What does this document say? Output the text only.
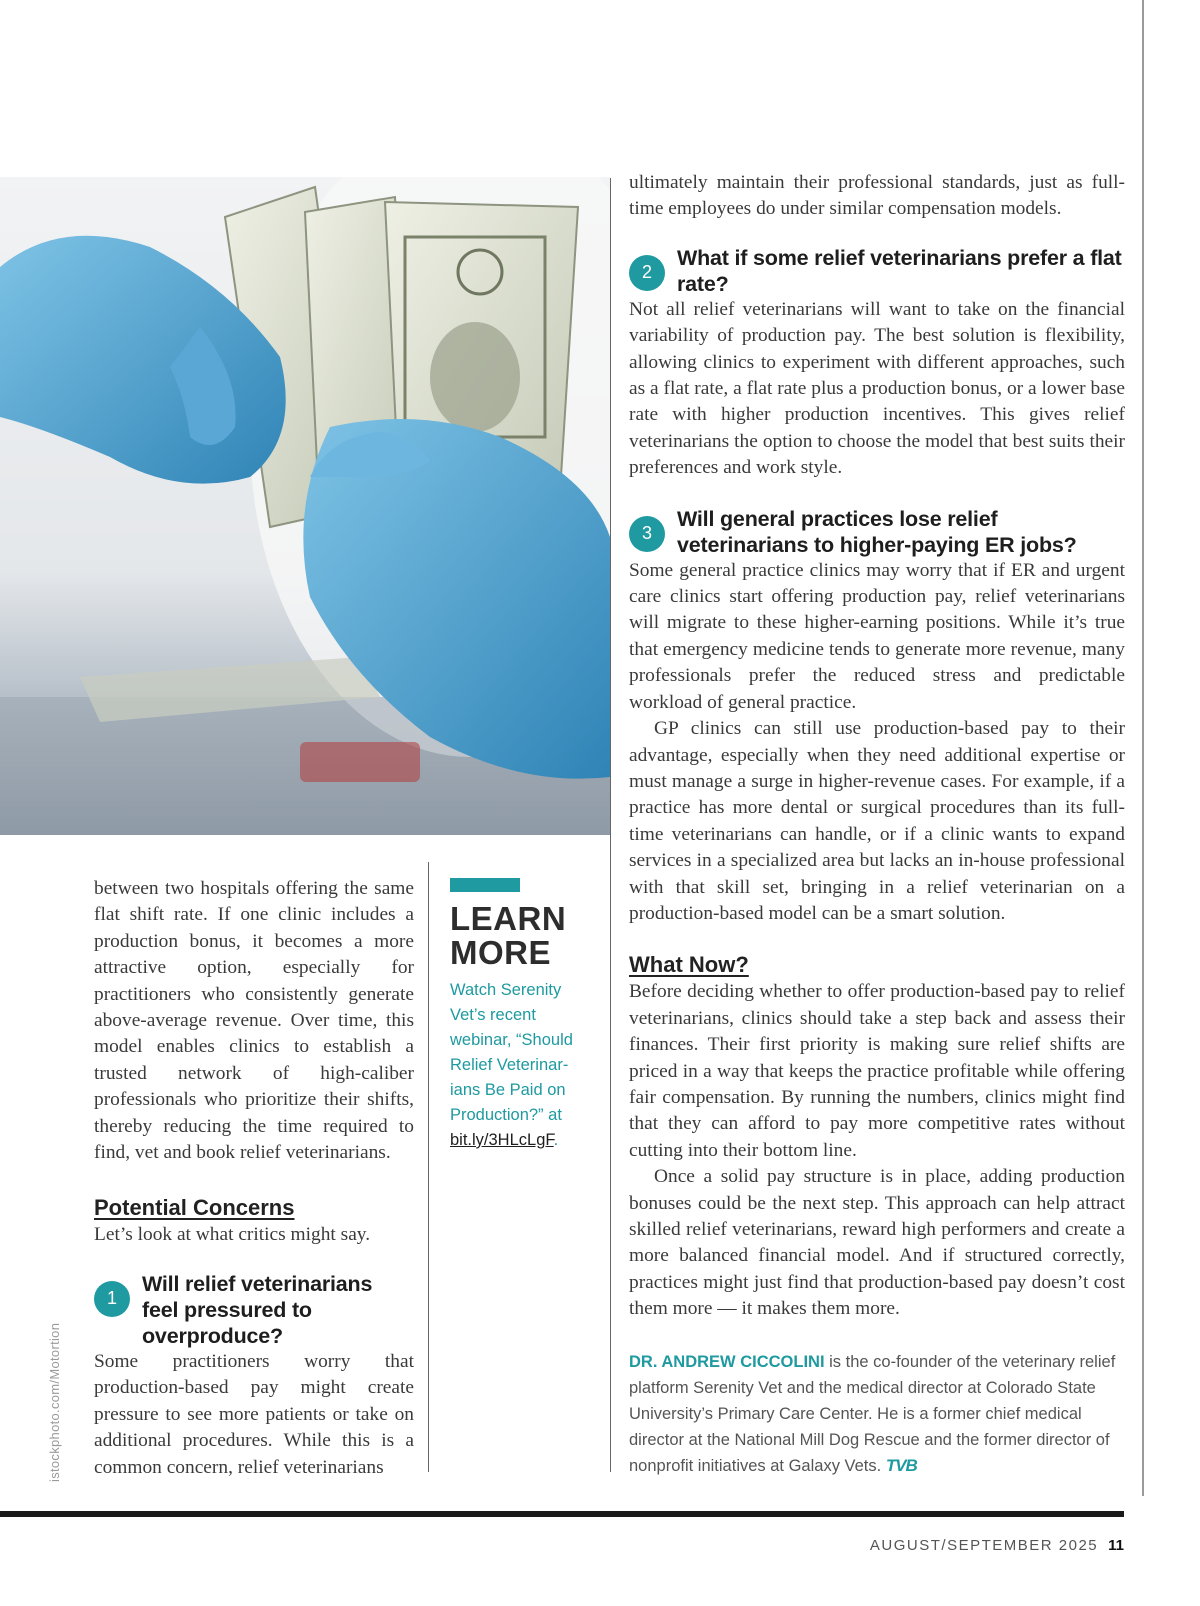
istockphoto.com/Motortion

between two hospitals offering the same flat shift rate. If one clinic includes a production bonus, it becomes a more attractive option, especially for practitioners who consistently generate above-average revenue. Over time, this model enables clinics to establish a trusted network of high-caliber professionals who prioritize their shifts, thereby reducing the time required to find, vet and book relief veterinarians.

Potential Concerns

Let’s look at what critics might say.

1
Will relief veterinarians feel pressured to overproduce?

Some practitioners worry that production-based pay might create pressure to see more patients or take on additional procedures. While this is a common concern, relief veterinarians

LEARN MORE
Watch Serenity Vet’s recent webinar, “Should Relief Veterinarians Be Paid on Production?” at bit.ly/3HLcLgF.

ultimately maintain their professional standards, just as full-time employees do under similar compensation models.

2
What if some relief veterinarians prefer a flat rate?

Not all relief veterinarians will want to take on the financial variability of production pay. The best solution is flexibility, allowing clinics to experiment with different approaches, such as a flat rate, a flat rate plus a production bonus, or a lower base rate with higher production incentives. This gives relief veterinarians the option to choose the model that best suits their preferences and work style.

3
Will general practices lose relief veterinarians to higher-paying ER jobs?

Some general practice clinics may worry that if ER and urgent care clinics start offering production pay, relief veterinarians will migrate to these higher-earning positions. While it’s true that emergency medicine tends to generate more revenue, many professionals prefer the reduced stress and predictable workload of general practice.

GP clinics can still use production-based pay to their advantage, especially when they need additional expertise or must manage a surge in higher-revenue cases. For example, if a practice has more dental or surgical procedures than its full-time veterinarians can handle, or if a clinic wants to expand services in a specialized area but lacks an in-house professional with that skill set, bringing in a relief veterinarian on a production-based model can be a smart solution.

What Now?

Before deciding whether to offer production-based pay to relief veterinarians, clinics should take a step back and assess their finances. Their first priority is making sure relief shifts are priced in a way that keeps the practice profitable while offering fair compensation. By running the numbers, clinics might find that they can afford to pay more competitive rates without cutting into their bottom line.

Once a solid pay structure is in place, adding production bonuses could be the next step. This approach can help attract skilled relief veterinarians, reward high performers and create a more balanced financial model. And if structured correctly, practices might just find that production-based pay doesn’t cost them more — it makes them more.

DR. ANDREW CICCOLINI is the co-founder of the veterinary relief platform Serenity Vet and the medical director at Colorado State University’s Primary Care Center. He is a former chief medical director at the National Mill Dog Rescue and the former director of nonprofit initiatives at Galaxy Vets. TVB

AUGUST/SEPTEMBER 2025 11
